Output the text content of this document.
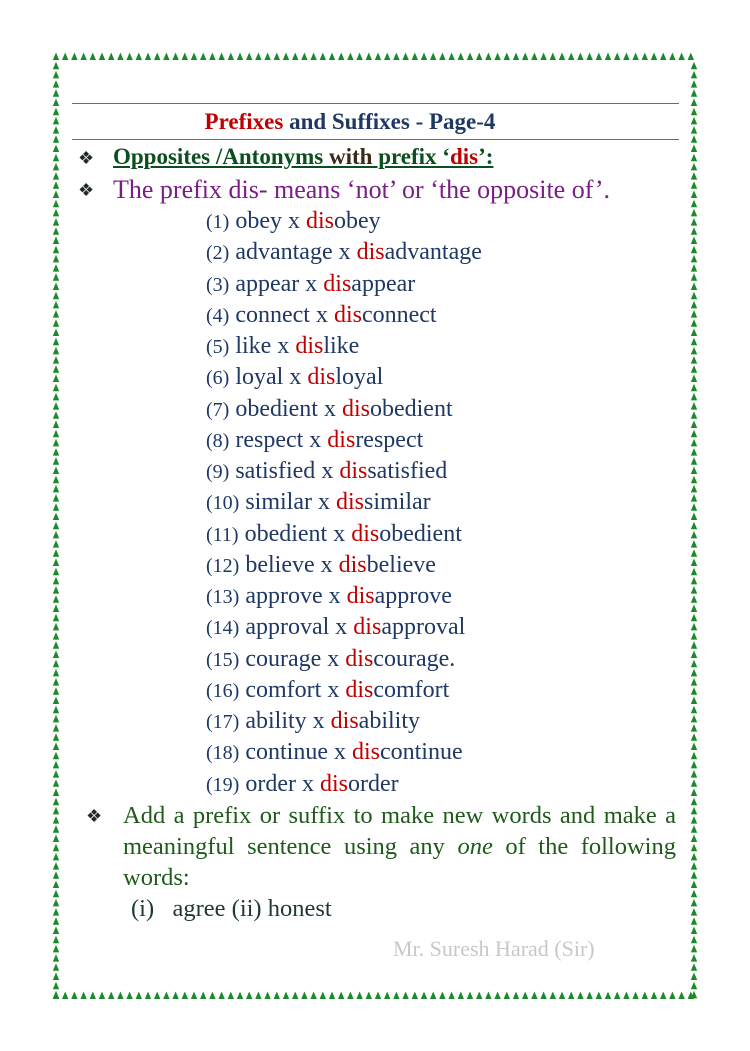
Prefixes and Suffixes - Page-4
❖ Opposites /Antonyms with prefix ‘dis’:
❖ The prefix dis- means ‘not’ or ‘the opposite of’.
(1) obey x disobey
(2) advantage x disadvantage
(3) appear x disappear
(4) connect x disconnect
(5) like x dislike
(6) loyal x disloyal
(7) obedient x disobedient
(8) respect x disrespect
(9) satisfied x dissatisfied
(10) similar x dissimilar
(11) obedient x disobedient
(12) believe x disbelieve
(13) approve x disapprove
(14) approval x disapproval
(15) courage x discourage.
(16) comfort x discomfort
(17) ability x disability
(18) continue x discontinue
(19) order x disorder
❖ Add a prefix or suffix to make new words and make a meaningful sentence using any one of the following words:
(i)   agree (ii) honest
Mr. Suresh Harad (Sir)
